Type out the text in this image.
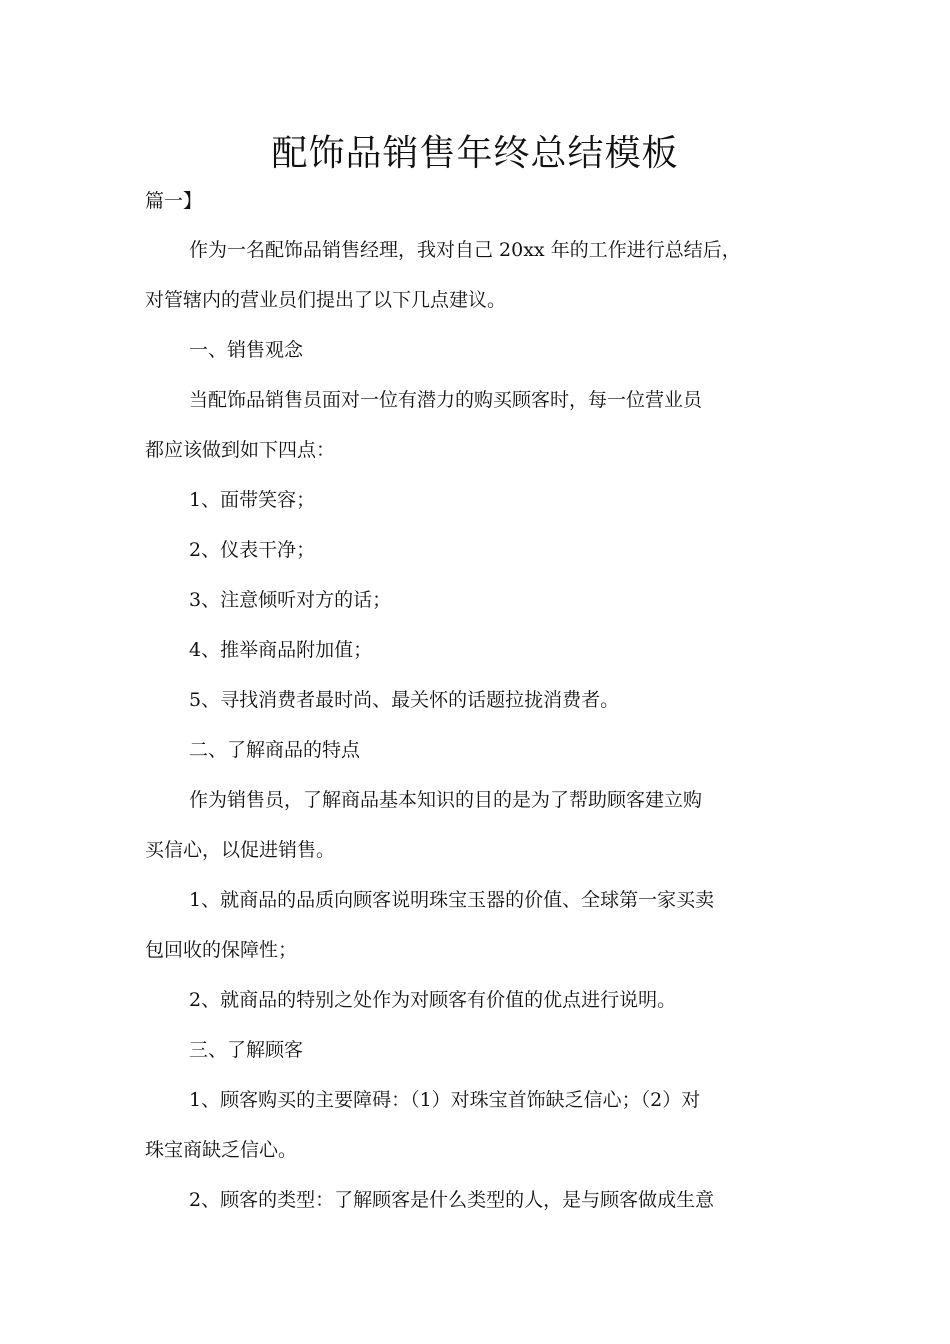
配饰品销售年终总结模板
篇一】
作为一名配饰品销售经理，我对自己 20xx 年的工作进行总结后，
对管辖内的营业员们提出了以下几点建议。
一、销售观念
当配饰品销售员面对一位有潜力的购买顾客时，每一位营业员
都应该做到如下四点：
1、面带笑容；
2、仪表干净；
3、注意倾听对方的话；
4、推举商品附加值；
5、寻找消费者最时尚、最关怀的话题拉拢消费者。
二、了解商品的特点
作为销售员，了解商品基本知识的目的是为了帮助顾客建立购
买信心，以促进销售。
1、就商品的品质向顾客说明珠宝玉器的价值、全球第一家买卖
包回收的保障性；
2、就商品的特别之处作为对顾客有价值的优点进行说明。
三、了解顾客
1、顾客购买的主要障碍：（1）对珠宝首饰缺乏信心；（2）对
珠宝商缺乏信心。
2、顾客的类型：了解顾客是什么类型的人，是与顾客做成生意
